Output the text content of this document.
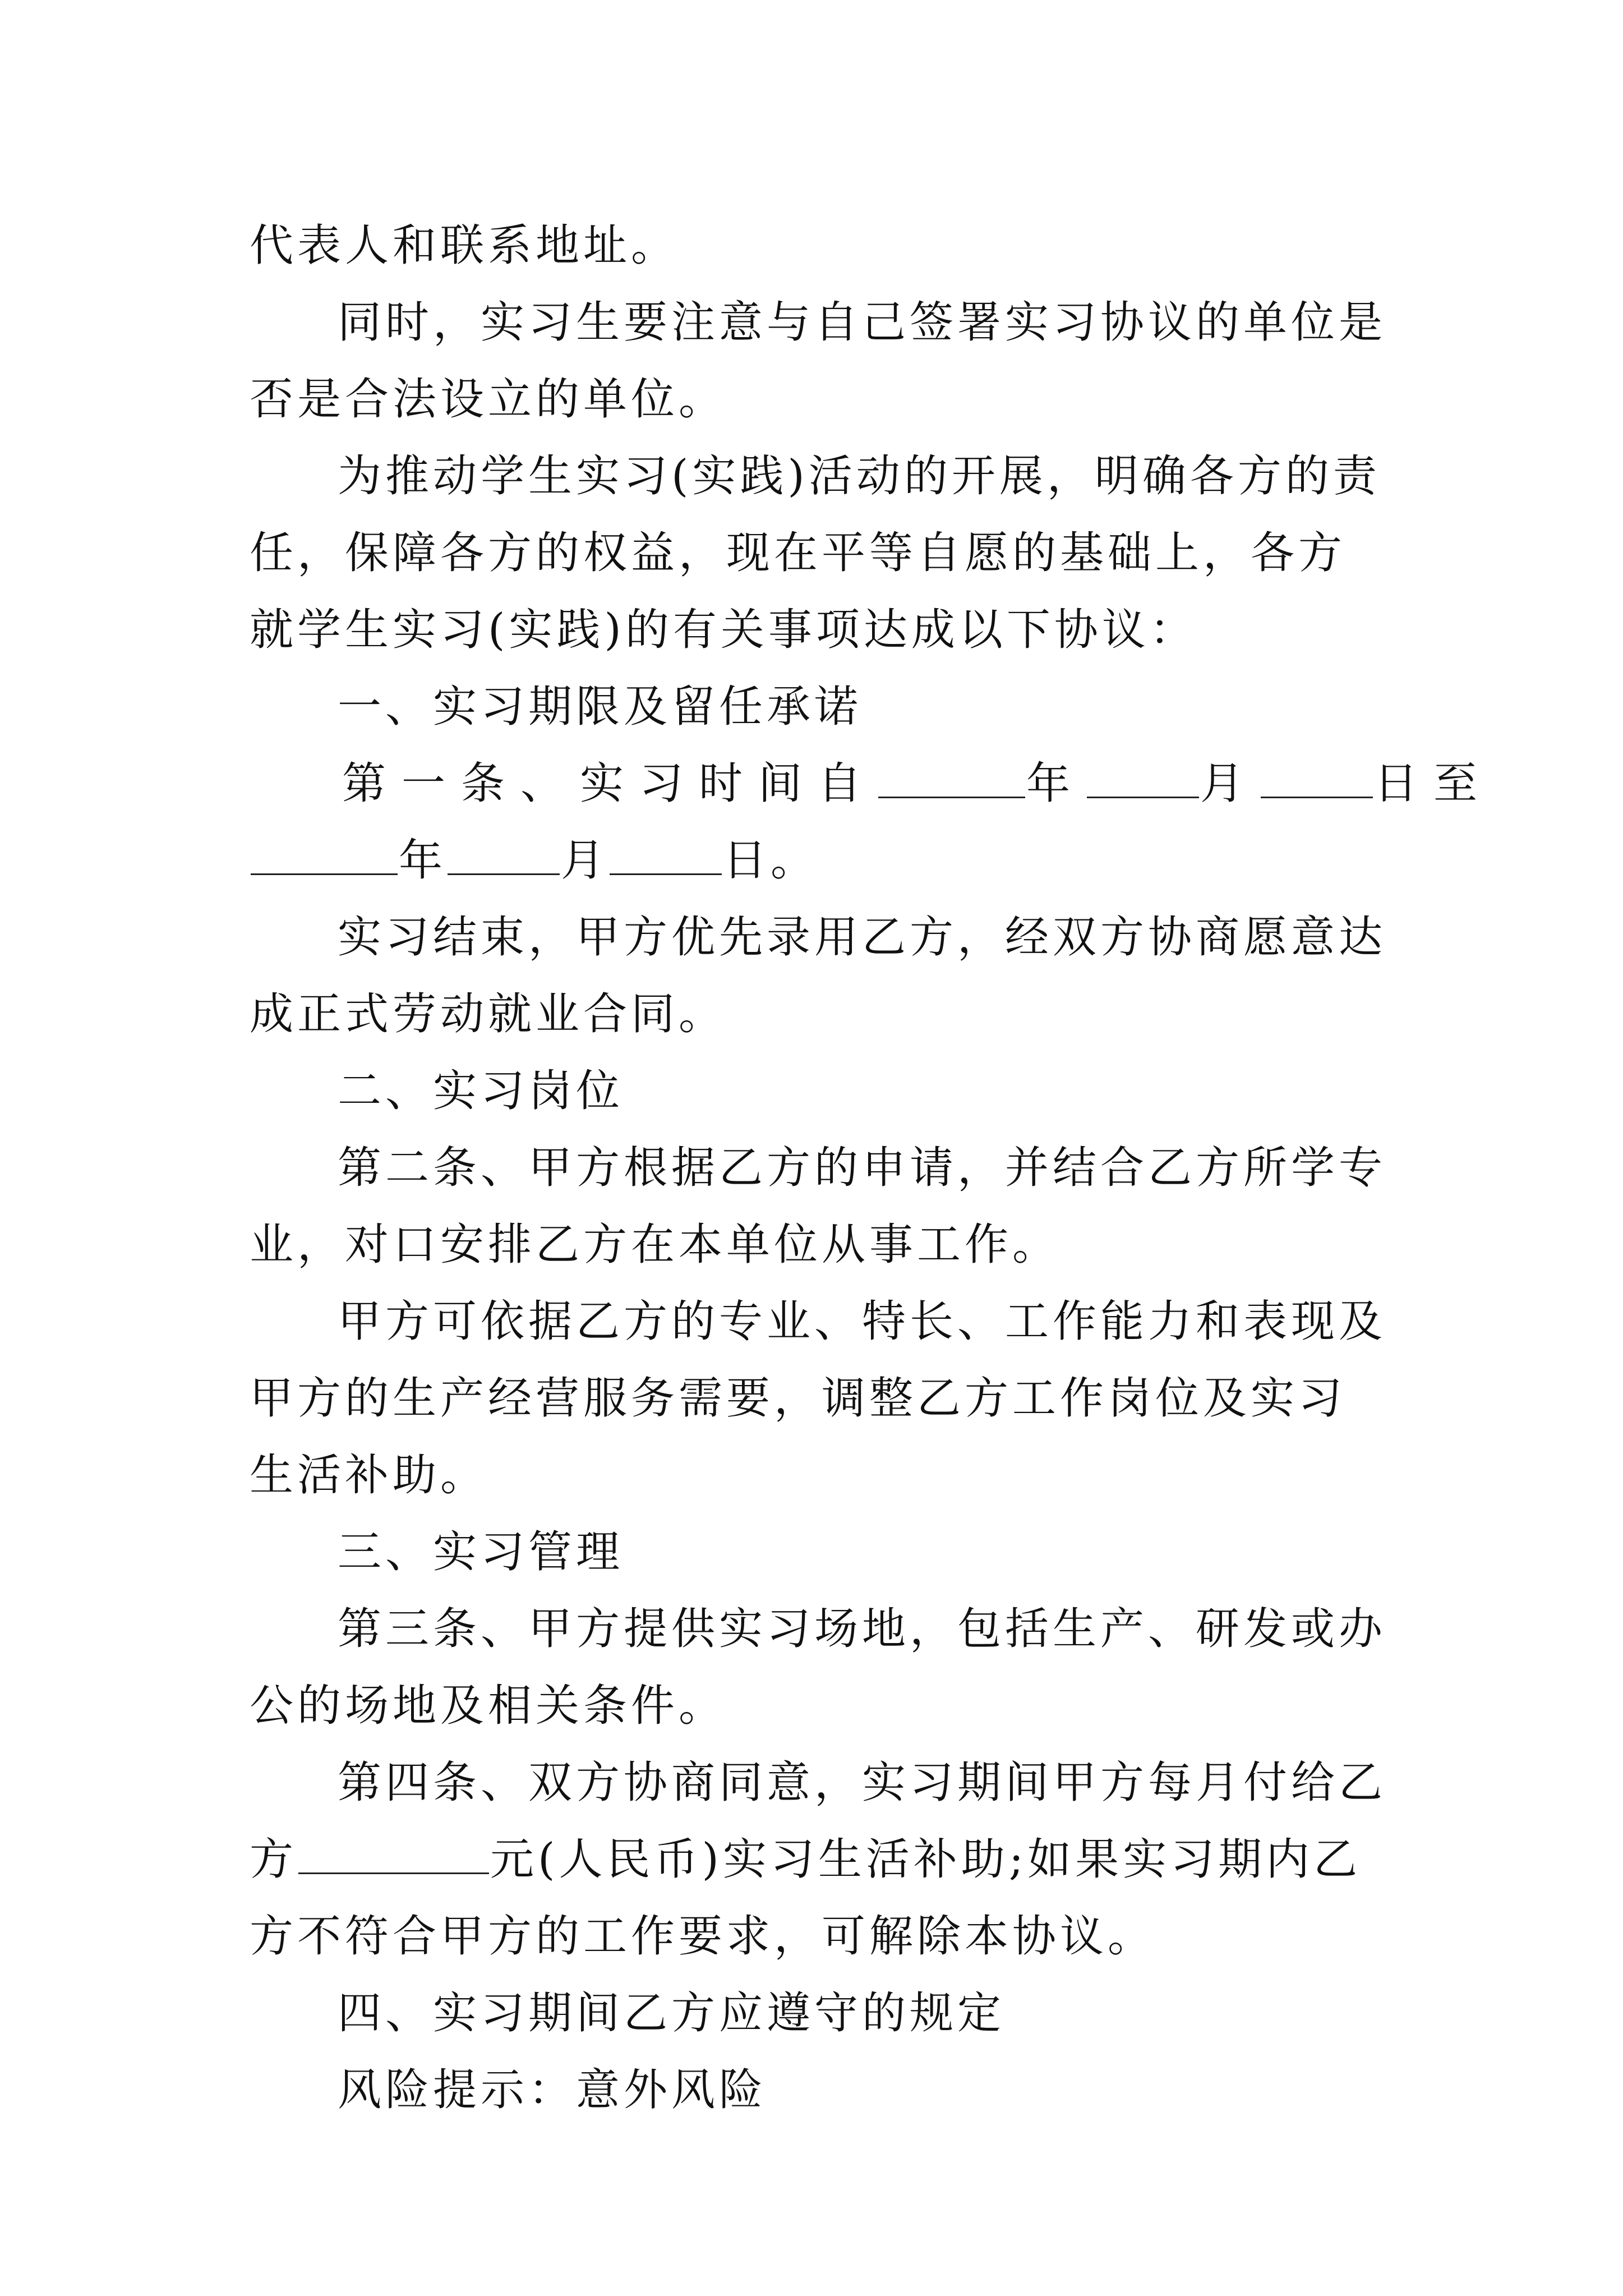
代表人和联系地址。

同时，实习生要注意与自己签署实习协议的单位是否是合法设立的单位。

为推动学生实习(实践)活动的开展，明确各方的责任，保障各方的权益，现在平等自愿的基础上，各方就学生实习(实践)的有关事项达成以下协议：

一、实习期限及留任承诺

第一条、实习时间自	年	月	日至
年	月	日。

实习结束，甲方优先录用乙方，经双方协商愿意达成正式劳动就业合同。

二、实习岗位

第二条、甲方根据乙方的申请，并结合乙方所学专业，对口安排乙方在本单位从事工作。

甲方可依据乙方的专业、特长、工作能力和表现及甲方的生产经营服务需要，调整乙方工作岗位及实习生活补助。

三、实习管理

第三条、甲方提供实习场地，包括生产、研发或办公的场地及相关条件。

第四条、双方协商同意，实习期间甲方每月付给乙方	元(人民币)实习生活补助;如果实习期内乙方不符合甲方的工作要求，可解除本协议。

四、实习期间乙方应遵守的规定

风险提示：意外风险
